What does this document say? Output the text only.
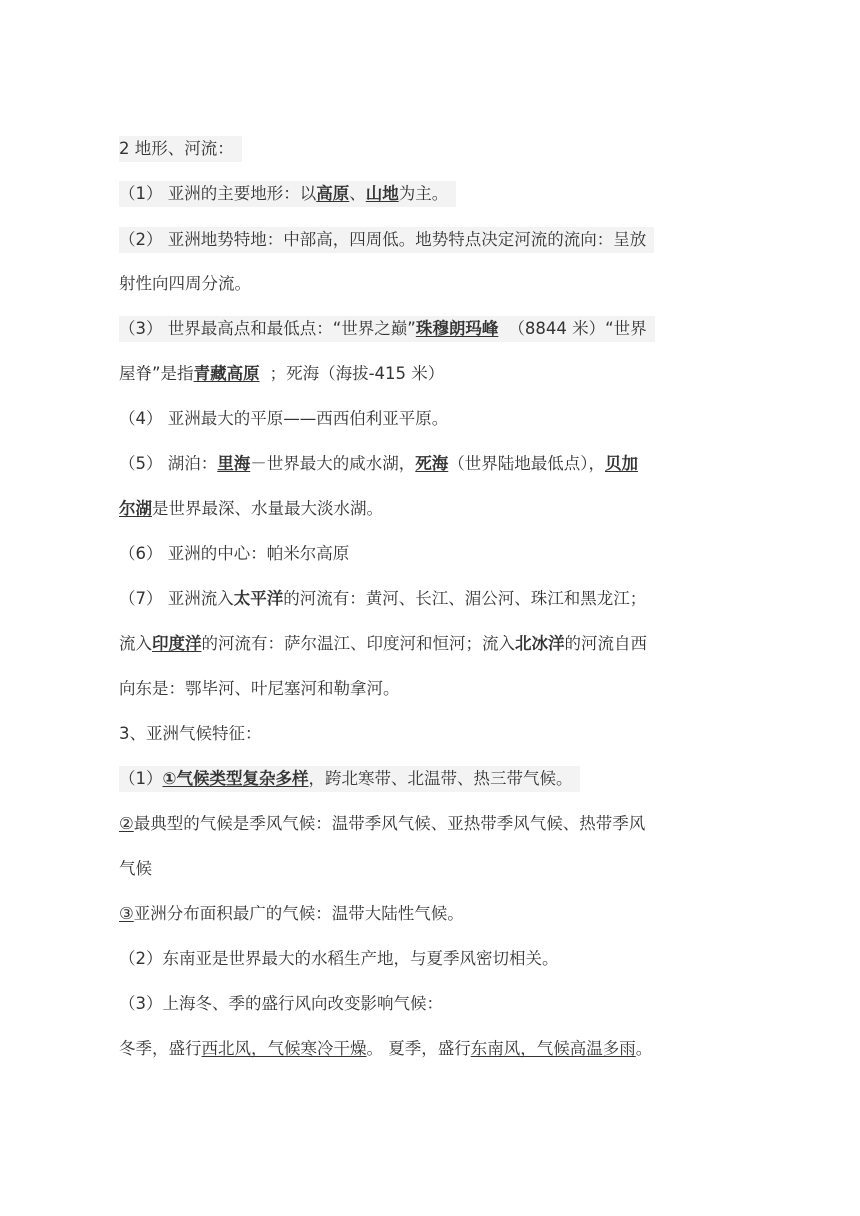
2 地形、河流：
（1） 亚洲的主要地形：以高原、山地为主。
（2） 亚洲地势特地：中部高，四周低。地势特点决定河流的流向：呈放
射性向四周分流。
（3） 世界最高点和最低点：“世界之巅”珠穆朗玛峰 （8844 米）“世界
屋脊”是指青藏高原 ；死海（海拔-415 米）
（4） 亚洲最大的平原——西西伯利亚平原。
（5） 湖泊：里海－世界最大的咸水湖，死海（世界陆地最低点），贝加
尔湖是世界最深、水量最大淡水湖。
（6） 亚洲的中心：帕米尔高原
（7） 亚洲流入太平洋的河流有：黄河、长江、湄公河、珠江和黑龙江；
流入印度洋的河流有：萨尔温江、印度河和恒河；流入北冰洋的河流自西
向东是：鄂毕河、叶尼塞河和勒拿河。
3、亚洲气候特征：
（1）①气候类型复杂多样，跨北寒带、北温带、热三带气候。
②最典型的气候是季风气候：温带季风气候、亚热带季风气候、热带季风
气候
③亚洲分布面积最广的气候：温带大陆性气候。
（2）东南亚是世界最大的水稻生产地，与夏季风密切相关。
（3）上海冬、季的盛行风向改变影响气候：
冬季，盛行西北风，气候寒冷干燥。 夏季，盛行东南风，气候高温多雨。
